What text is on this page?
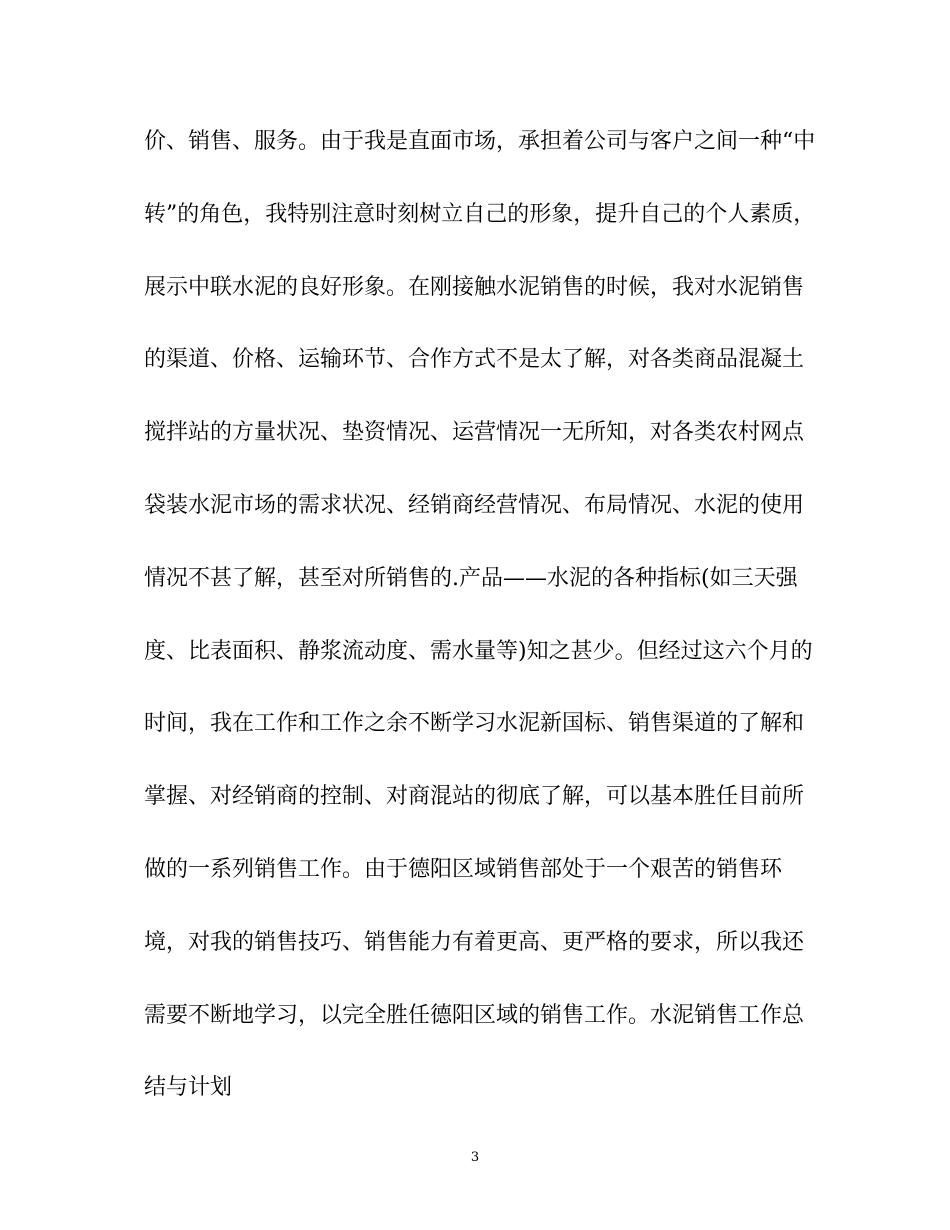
价、销售、服务。由于我是直面市场，承担着公司与客户之间一种“中
转”的角色，我特别注意时刻树立自己的形象，提升自己的个人素质，
展示中联水泥的良好形象。在刚接触水泥销售的时候，我对水泥销售
的渠道、价格、运输环节、合作方式不是太了解，对各类商品混凝土
搅拌站的方量状况、垫资情况、运营情况一无所知，对各类农村网点
袋装水泥市场的需求状况、经销商经营情况、布局情况、水泥的使用
情况不甚了解，甚至对所销售的.产品——水泥的各种指标(如三天强
度、比表面积、静浆流动度、需水量等)知之甚少。但经过这六个月的
时间，我在工作和工作之余不断学习水泥新国标、销售渠道的了解和
掌握、对经销商的控制、对商混站的彻底了解，可以基本胜任目前所
做的一系列销售工作。由于德阳区域销售部处于一个艰苦的销售环
境，对我的销售技巧、销售能力有着更高、更严格的要求，所以我还
需要不断地学习，以完全胜任德阳区域的销售工作。水泥销售工作总
结与计划
3
